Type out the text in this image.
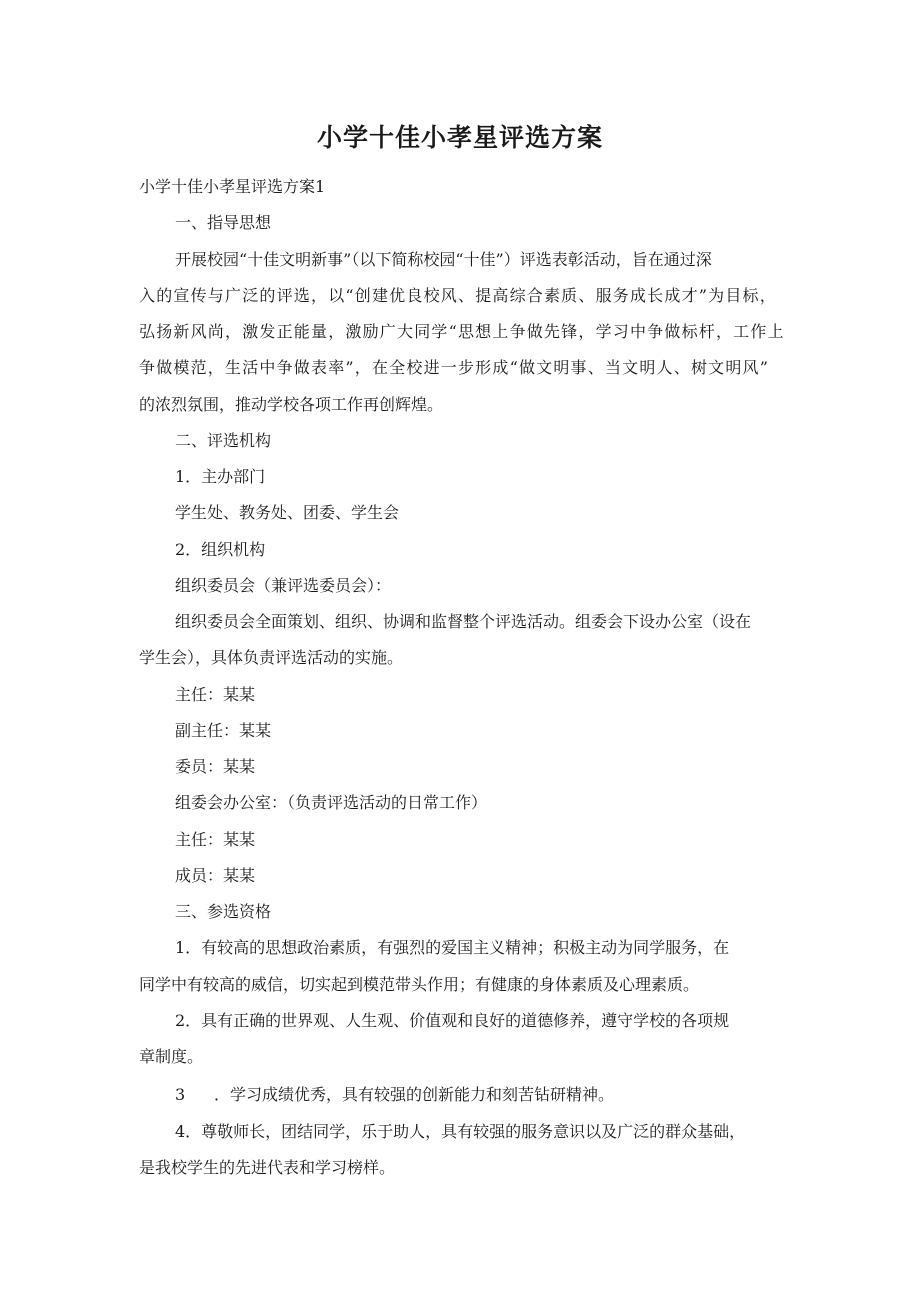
小学十佳小孝星评选方案
小学十佳小孝星评选方案1
一、指导思想
开展校园“十佳文明新事”（以下简称校园“十佳”）评选表彰活动，旨在通过深
入的宣传与广泛的评选，以“创建优良校风、提高综合素质、服务成长成才”为目标，
弘扬新风尚，激发正能量，激励广大同学“思想上争做先锋，学习中争做标杆，工作上
争做模范，生活中争做表率”，在全校进一步形成“做文明事、当文明人、树文明风”
的浓烈氛围，推动学校各项工作再创辉煌。
二、评选机构
1．主办部门
学生处、教务处、团委、学生会
2．组织机构
组织委员会（兼评选委员会）：
组织委员会全面策划、组织、协调和监督整个评选活动。组委会下设办公室（设在
学生会），具体负责评选活动的实施。
主任：某某
副主任：某某
委员：某某
组委会办公室：（负责评选活动的日常工作）
主任：某某
成员：某某
三、参选资格
1．有较高的思想政治素质，有强烈的爱国主义精神；积极主动为同学服务，在
同学中有较高的威信，切实起到模范带头作用；有健康的身体素质及心理素质。
2．具有正确的世界观、人生观、价值观和良好的道德修养，遵守学校的各项规
章制度。
3 ．学习成绩优秀，具有较强的创新能力和刻苦钻研精神。
4．尊敬师长，团结同学，乐于助人，具有较强的服务意识以及广泛的群众基础，
是我校学生的先进代表和学习榜样。
